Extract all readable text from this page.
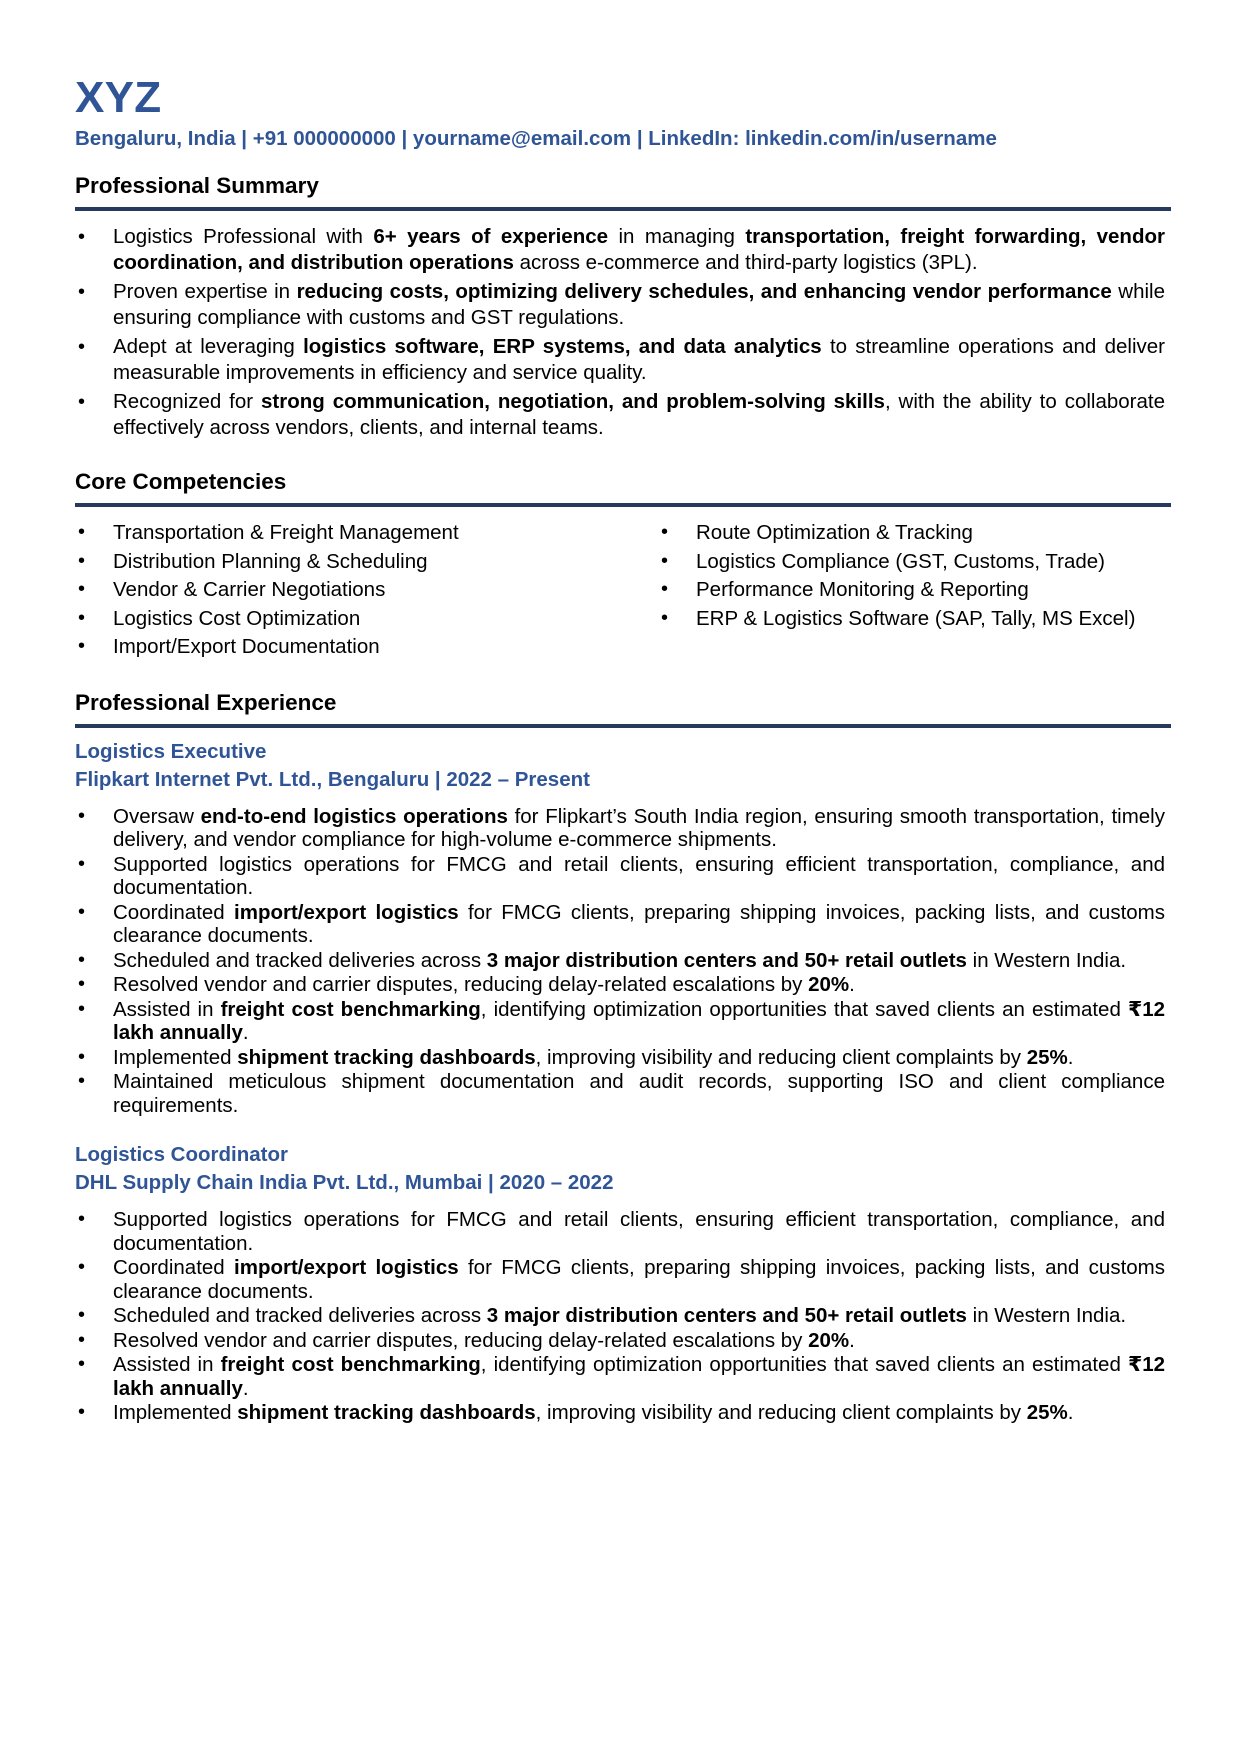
XYZ
Bengaluru, India | +91 000000000 | yourname@email.com | LinkedIn: linkedin.com/in/username
Professional Summary
• Logistics Professional with 6+ years of experience in managing transportation, freight forwarding, vendor coordination, and distribution operations across e-commerce and third-party logistics (3PL).
• Proven expertise in reducing costs, optimizing delivery schedules, and enhancing vendor performance while ensuring compliance with customs and GST regulations.
• Adept at leveraging logistics software, ERP systems, and data analytics to streamline operations and deliver measurable improvements in efficiency and service quality.
• Recognized for strong communication, negotiation, and problem-solving skills, with the ability to collaborate effectively across vendors, clients, and internal teams.
Core Competencies
• Transportation & Freight Management
• Distribution Planning & Scheduling
• Vendor & Carrier Negotiations
• Logistics Cost Optimization
• Import/Export Documentation
• Route Optimization & Tracking
• Logistics Compliance (GST, Customs, Trade)
• Performance Monitoring & Reporting
• ERP & Logistics Software (SAP, Tally, MS Excel)
Professional Experience
Logistics Executive
Flipkart Internet Pvt. Ltd., Bengaluru | 2022 – Present
• Oversaw end-to-end logistics operations for Flipkart’s South India region, ensuring smooth transportation, timely delivery, and vendor compliance for high-volume e-commerce shipments.
• Supported logistics operations for FMCG and retail clients, ensuring efficient transportation, compliance, and documentation.
• Coordinated import/export logistics for FMCG clients, preparing shipping invoices, packing lists, and customs clearance documents.
• Scheduled and tracked deliveries across 3 major distribution centers and 50+ retail outlets in Western India.
• Resolved vendor and carrier disputes, reducing delay-related escalations by 20%.
• Assisted in freight cost benchmarking, identifying optimization opportunities that saved clients an estimated ₹12 lakh annually.
• Implemented shipment tracking dashboards, improving visibility and reducing client complaints by 25%.
• Maintained meticulous shipment documentation and audit records, supporting ISO and client compliance requirements.
Logistics Coordinator
DHL Supply Chain India Pvt. Ltd., Mumbai | 2020 – 2022
• Supported logistics operations for FMCG and retail clients, ensuring efficient transportation, compliance, and documentation.
• Coordinated import/export logistics for FMCG clients, preparing shipping invoices, packing lists, and customs clearance documents.
• Scheduled and tracked deliveries across 3 major distribution centers and 50+ retail outlets in Western India.
• Resolved vendor and carrier disputes, reducing delay-related escalations by 20%.
• Assisted in freight cost benchmarking, identifying optimization opportunities that saved clients an estimated ₹12 lakh annually.
• Implemented shipment tracking dashboards, improving visibility and reducing client complaints by 25%.
